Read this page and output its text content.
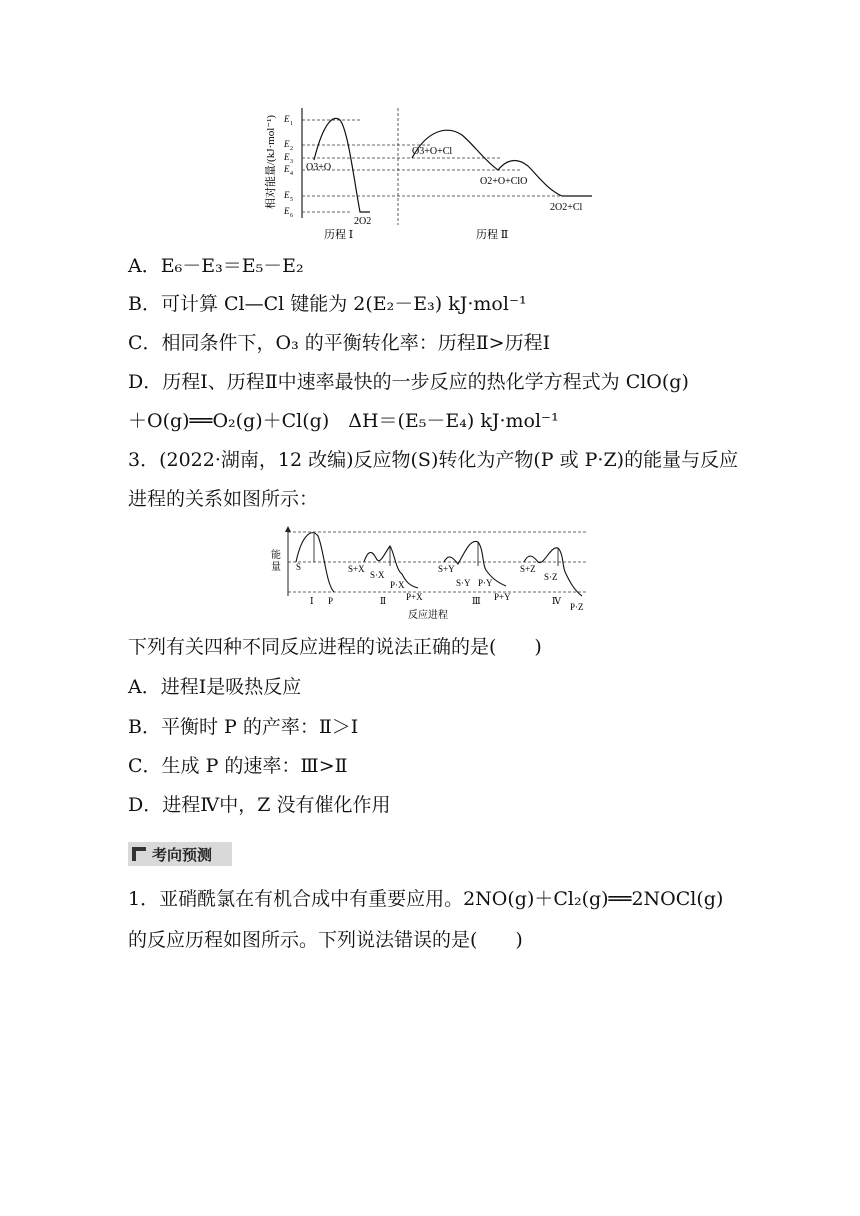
相对能量/(kJ·mol⁻¹) E 1
E 2
E 3
E 4
E 5
E 6
O3+O
2O2
O3+O+Cl
O2+O+ClO
2O2+Cl
历程 Ⅰ	历程 Ⅱ
A．E₆－E₃＝E₅－E₂
B．可计算 Cl—Cl 键能为 2(E₂－E₃) kJ·mol⁻¹
C．相同条件下，O₃ 的平衡转化率：历程Ⅱ>历程Ⅰ
D．历程Ⅰ、历程Ⅱ中速率最快的一步反应的热化学方程式为 ClO(g)
＋O(g)══O₂(g)＋Cl(g)　ΔH＝(E₅－E₄) kJ·mol⁻¹
3．(2022·湖南，12 改编)反应物(S)转化为产物(P 或 P·Z)的能量与反应
进程的关系如图所示：
能
量 S
P
Ⅰ
S+X
S·X
P·X
P+X
Ⅱ
S+Y
S·Y P·Y
P+Y
Ⅲ
S+Z
S·Z
P·Z
Ⅳ
反应进程
下列有关四种不同反应进程的说法正确的是(　　)
A．进程Ⅰ是吸热反应
B．平衡时 P 的产率：Ⅱ＞Ⅰ
C．生成 P 的速率：Ⅲ>Ⅱ
D．进程Ⅳ中，Z 没有催化作用
考向预测
1．亚硝酰氯在有机合成中有重要应用。2NO(g)＋Cl₂(g)══2NOCl(g)
的反应历程如图所示。下列说法错误的是(　　)
